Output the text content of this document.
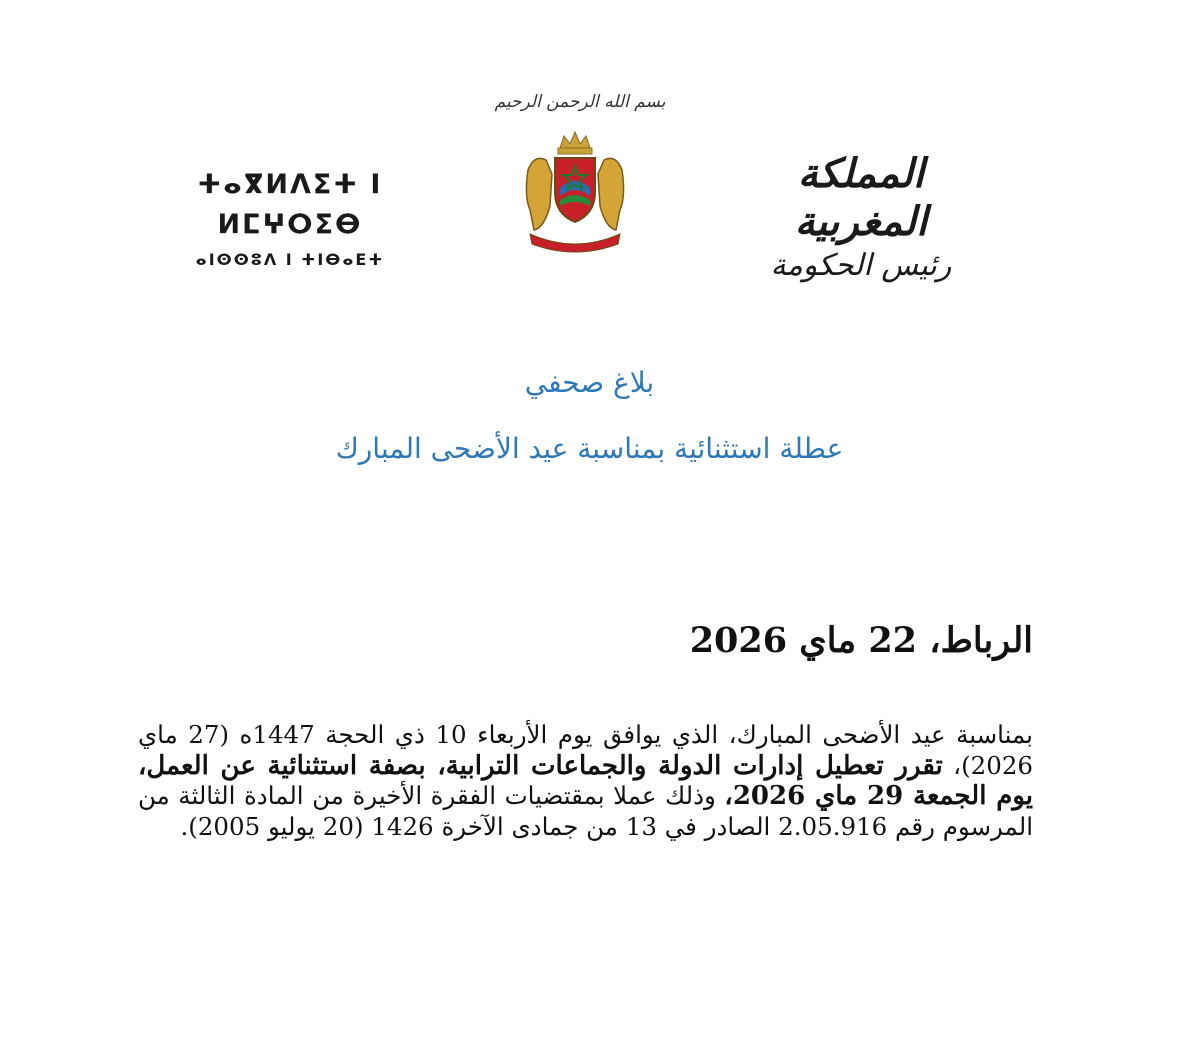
بسم الله الرحمن الرحيم
المملكة المغربية
رئيس الحكومة
ⵜⴰⴳⵍⴷⵉⵜ ⵏ ⵍⵎⵖⵔⵉⴱ
ⴰⵏⵙⵙⵓⴷ ⵏ ⵜⵏⴱⴰⴹⵜ
بلاغ صحفي
عطلة استثنائية بمناسبة عيد الأضحى المبارك
الرباط، 22 ماي 2026
بمناسبة عيد الأضحى المبارك، الذي يوافق يوم الأربعاء 10 ذي الحجة 1447ه (27 ماي 2026)، تقرر تعطيل إدارات الدولة والجماعات الترابية، بصفة استثنائية عن العمل، يوم الجمعة 29 ماي 2026، وذلك عملا بمقتضيات الفقرة الأخيرة من المادة الثالثة من المرسوم رقم 2.05.916 الصادر في 13 من جمادى الآخرة 1426 (20 يوليو 2005).
